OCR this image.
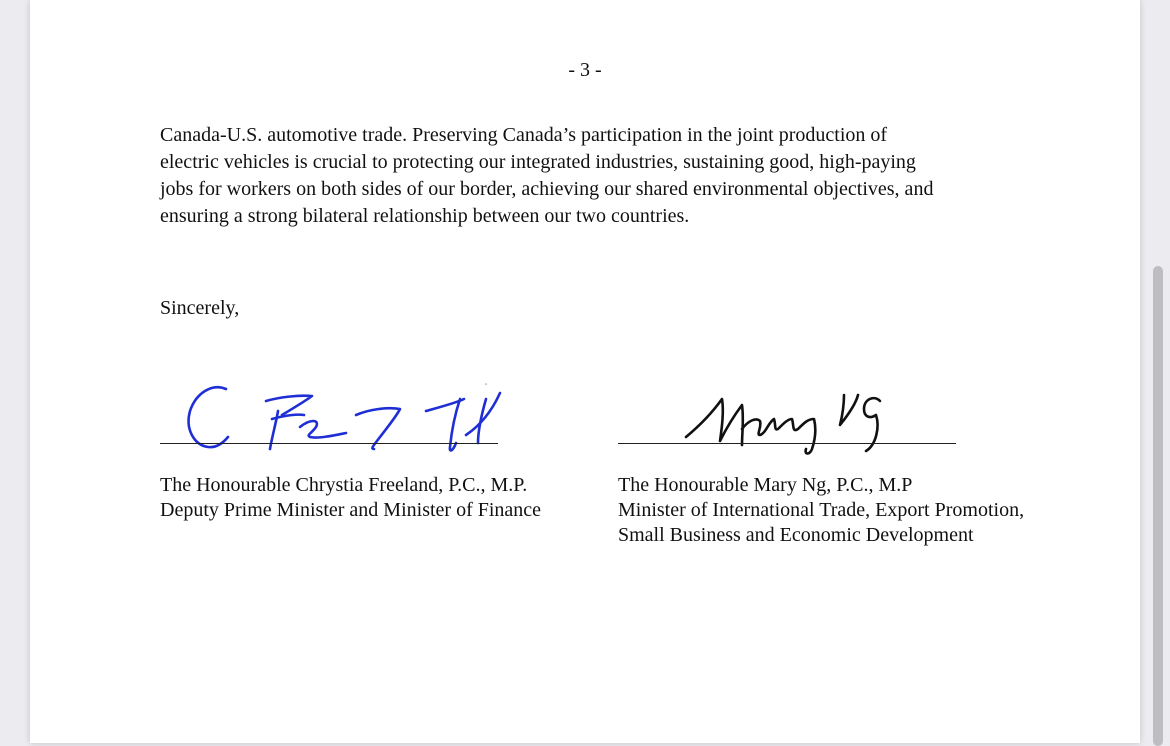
- 3 -

Canada-U.S. automotive trade. Preserving Canada’s participation in the joint production of
electric vehicles is crucial to protecting our integrated industries, sustaining good, high-paying
jobs for workers on both sides of our border, achieving our shared environmental objectives, and
ensuring a strong bilateral relationship between our two countries.

Sincerely,
The Honourable Chrystia Freeland, P.C., M.P.
Deputy Prime Minister and Minister of Finance
The Honourable Mary Ng, P.C., M.P
Minister of International Trade, Export Promotion,
Small Business and Economic Development
